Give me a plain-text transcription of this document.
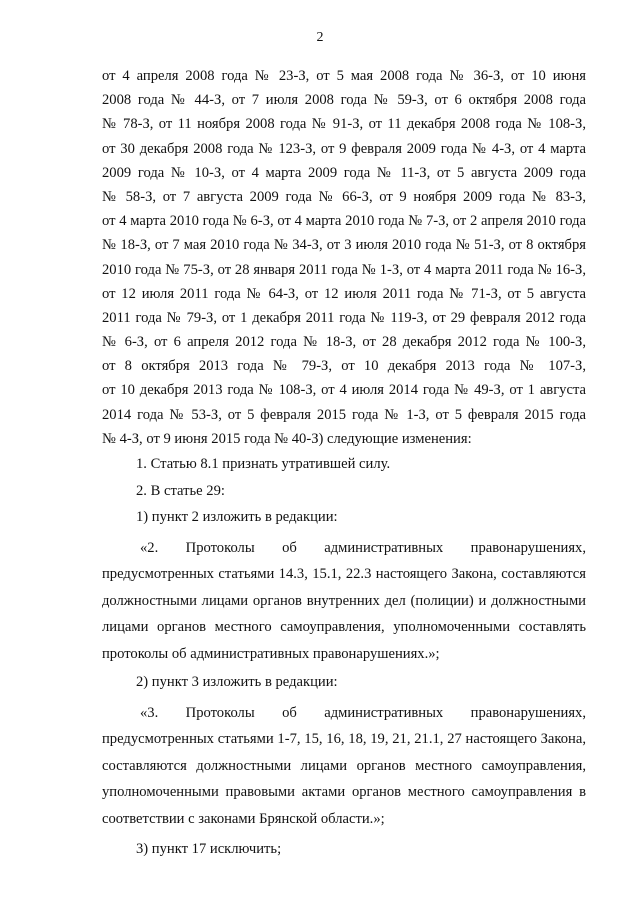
2
от 4 апреля 2008 года № 23-З, от 5 мая 2008 года № 36-З, от 10 июня
2008 года № 44-З, от 7 июля 2008 года № 59-З, от 6 октября 2008 года
№ 78-З, от 11 ноября 2008 года № 91-З, от 11 декабря 2008 года № 108-З,
от 30 декабря 2008 года № 123-З, от 9 февраля 2009 года № 4-З, от 4 марта
2009 года № 10-З, от 4 марта 2009 года № 11-З, от 5 августа 2009 года
№ 58-З, от 7 августа 2009 года № 66-З, от 9 ноября 2009 года № 83-З,
от 4 марта 2010 года № 6-З, от 4 марта 2010 года № 7-З, от 2 апреля 2010 года
№ 18-З, от 7 мая 2010 года № 34-З, от 3 июля 2010 года № 51-З, от 8 октября
2010 года № 75-З, от 28 января 2011 года № 1-З, от 4 марта 2011 года № 16-З,
от 12 июля 2011 года № 64-З, от 12 июля 2011 года № 71-З, от 5 августа
2011 года № 79-З, от 1 декабря 2011 года № 119-З, от 29 февраля 2012 года
№ 6-З, от 6 апреля 2012 года № 18-З, от 28 декабря 2012 года № 100-З,
от 8 октября 2013 года № 79-З, от 10 декабря 2013 года № 107-З,
от 10 декабря 2013 года № 108-З, от 4 июля 2014 года № 49-З, от 1 августа
2014 года № 53-З, от 5 февраля 2015 года № 1-З, от 5 февраля 2015 года
№ 4-З, от 9 июня 2015 года № 40-З) следующие изменения:
1. Статью 8.1 признать утратившей силу.
2. В статье 29:
1) пункт 2 изложить в редакции:
«2. Протоколы об административных правонарушениях,
предусмотренных статьями 14.3, 15.1, 22.3 настоящего Закона, составляются
должностными лицами органов внутренних дел (полиции) и должностными
лицами органов местного самоуправления, уполномоченными составлять
протоколы об административных правонарушениях.»;
2) пункт 3 изложить в редакции:
«3. Протоколы об административных правонарушениях,
предусмотренных статьями 1-7, 15, 16, 18, 19, 21, 21.1, 27 настоящего Закона,
составляются должностными лицами органов местного самоуправления,
уполномоченными правовыми актами органов местного самоуправления в
соответствии с законами Брянской области.»;
3) пункт 17 исключить;
